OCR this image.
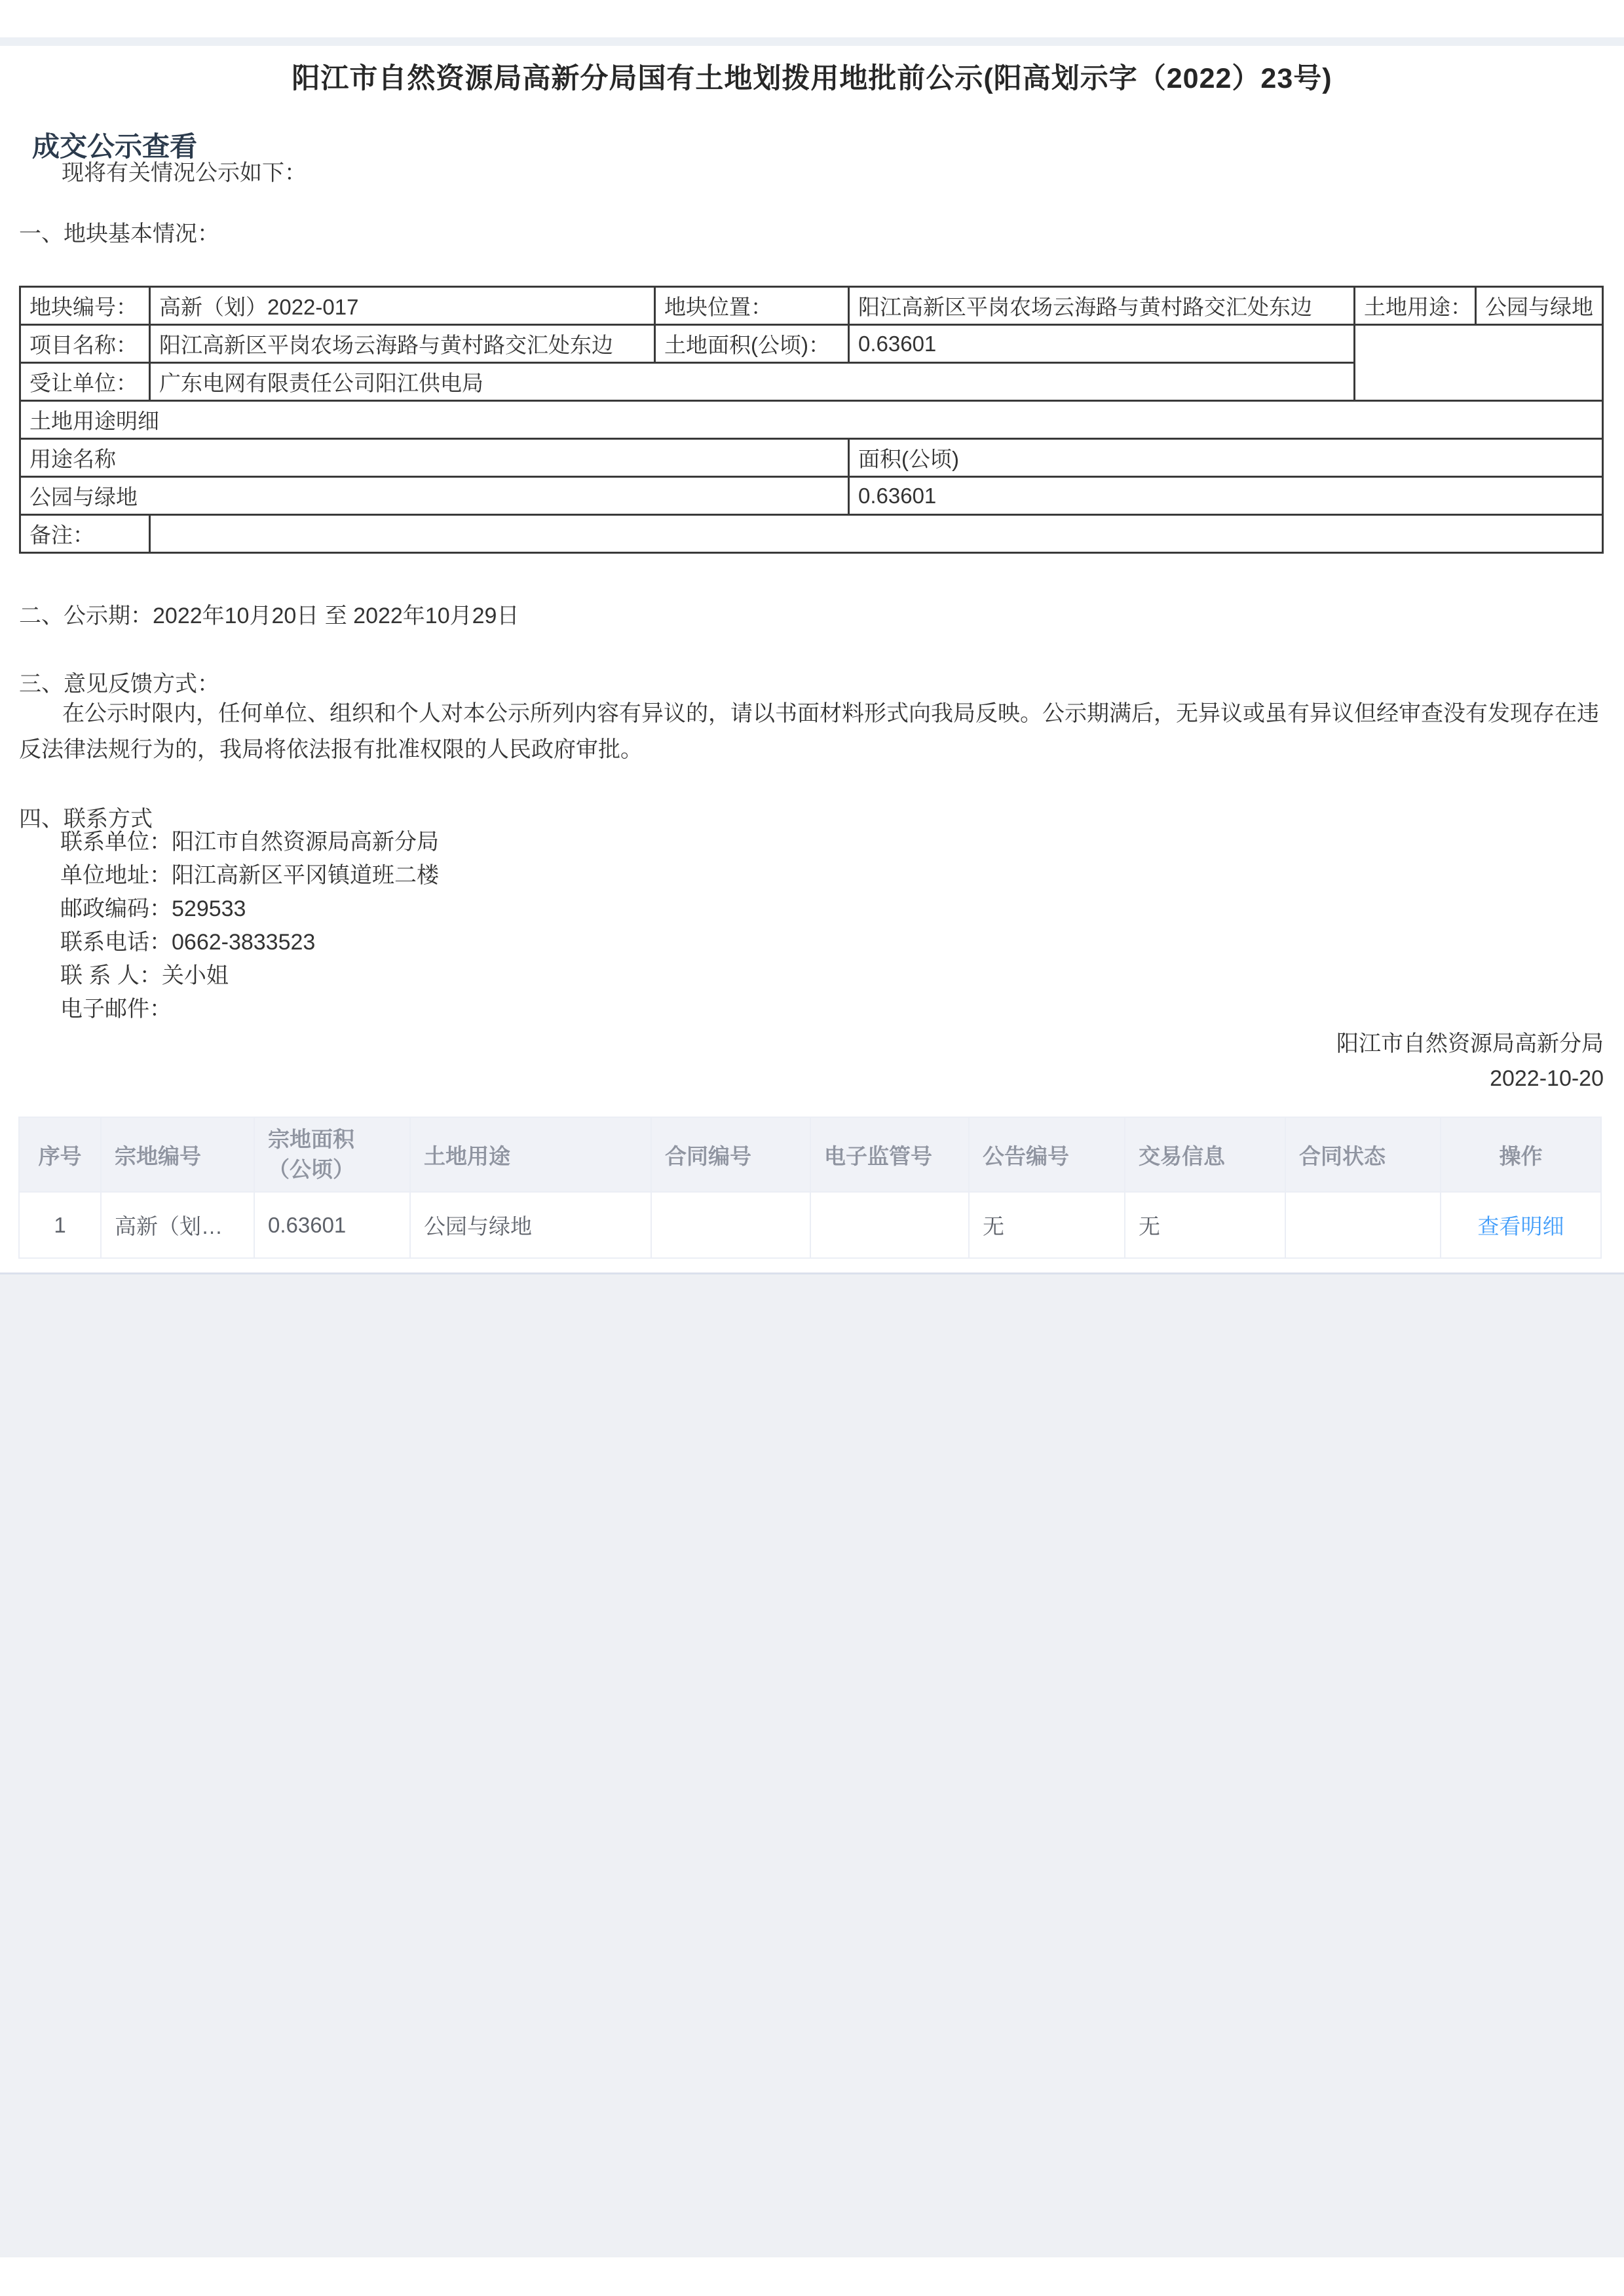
阳江市自然资源局高新分局国有土地划拨用地批前公示(阳高划示字（2022）23号)
成交公示查看
现将有关情况公示如下：
一、地块基本情况：
地块编号：	高新（划）2022-017	地块位置：	阳江高新区平岗农场云海路与黄村路交汇处东边	土地用途：	公园与绿地
项目名称：	阳江高新区平岗农场云海路与黄村路交汇处东边	土地面积(公顷)：	0.63601		
受让单位：	广东电网有限责任公司阳江供电局				
土地用途明细					
用途名称			面积(公顷)		
公园与绿地			0.63601		
备注：					
二、公示期：2022年10月20日 至 2022年10月29日
三、意见反馈方式：
在公示时限内，任何单位、组织和个人对本公示所列内容有异议的，请以书面材料形式向我局反映。公示期满后，无异议或虽有异议但经审查没有发现存在违
反法律法规行为的，我局将依法报有批准权限的人民政府审批。
四、联系方式
联系单位：阳江市自然资源局高新分局
单位地址：阳江高新区平冈镇道班二楼
邮政编码：529533
联系电话：0662-3833523
联 系 人：关小姐
电子邮件：
阳江市自然资源局高新分局
2022-10-20
序号	宗地编号	宗地面积（公顷）	土地用途	合同编号	电子监管号	公告编号	交易信息	合同状态	操作
1	高新（划…	0.63601	公园与绿地			无	无		查看明细
